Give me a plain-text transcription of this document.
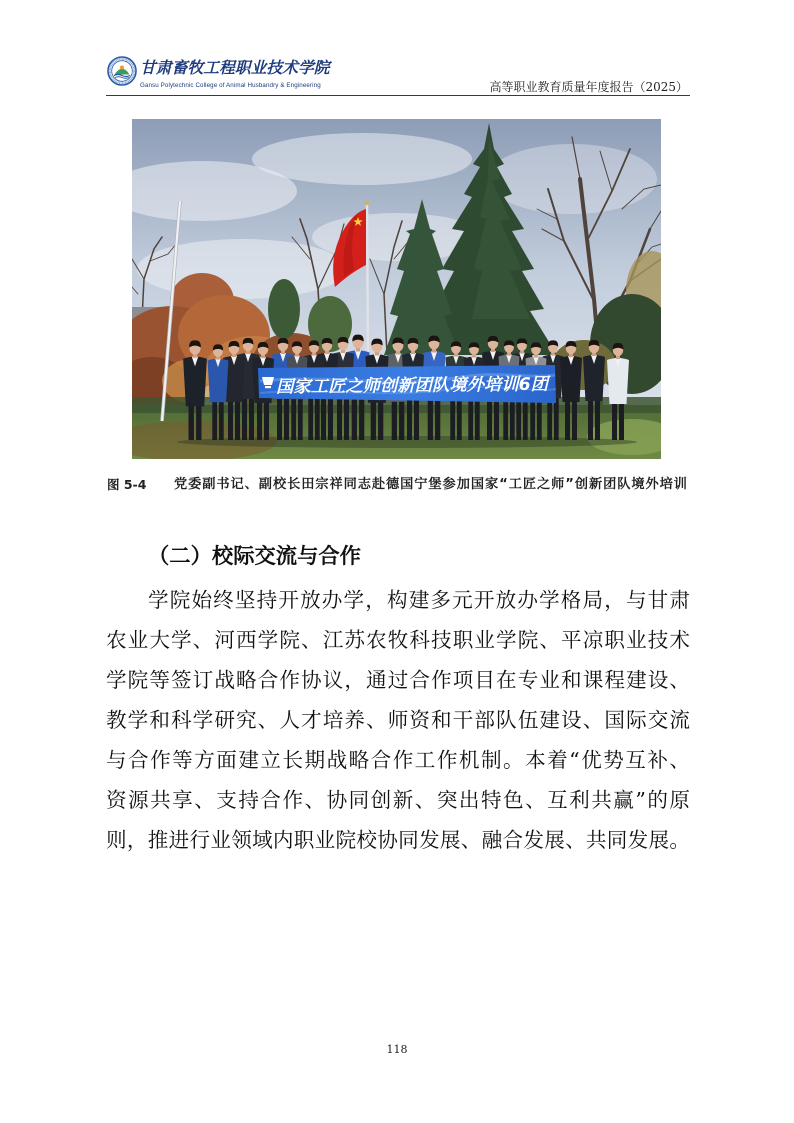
甘肃畜牧工程职业技术学院
Gansu Polytechnic College of Animal Husbandry & Engineering	高等职业教育质量年度报告（2025）
国家工匠之师创新团队境外培训6团
图 5-4 党委副书记、副校长田宗祥同志赴德国宁堡参加国家“工匠之师”创新团队境外培训
（二）校际交流与合作
学院始终坚持开放办学，构建多元开放办学格局，与甘肃
农业大学、河西学院、江苏农牧科技职业学院、平凉职业技术
学院等签订战略合作协议，通过合作项目在专业和课程建设、
教学和科学研究、人才培养、师资和干部队伍建设、国际交流
与合作等方面建立长期战略合作工作机制。本着“优势互补、
资源共享、支持合作、协同创新、突出特色、互利共赢”的原
则，推进行业领域内职业院校协同发展、融合发展、共同发展。
118
